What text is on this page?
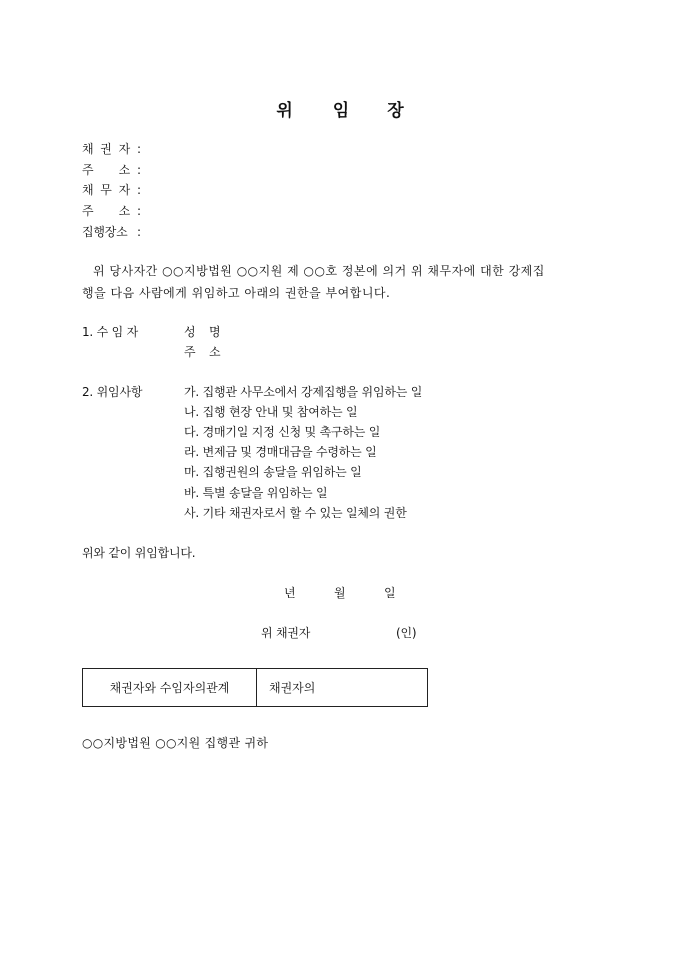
위 임 장
채 권 자 :
주 소 :
채 무 자 :
주 소 :
집행장소 :
위 당사자간 ○○지방법원 ○○지원 제 ○○호 정본에 의거 위 채무자에 대한 강제집
행을 다음 사람에게 위임하고 아래의 권한을 부여합니다.
1. 수 임 자	성 명
주 소
2. 위임사항	가. 집행관 사무소에서 강제집행을 위임하는 일
나. 집행 현장 안내 및 참여하는 일
다. 경매기일 지정 신청 및 촉구하는 일
라. 변제금 및 경매대금을 수령하는 일
마. 집행권원의 송달을 위임하는 일
바. 특별 송달을 위임하는 일
사. 기타 채권자로서 할 수 있는 일체의 권한
위와 같이 위임합니다.
년	월	일
위 채권자	(인)
채권자와 수임자의관계	채권자의
○○지방법원 ○○지원 집행관 귀하
